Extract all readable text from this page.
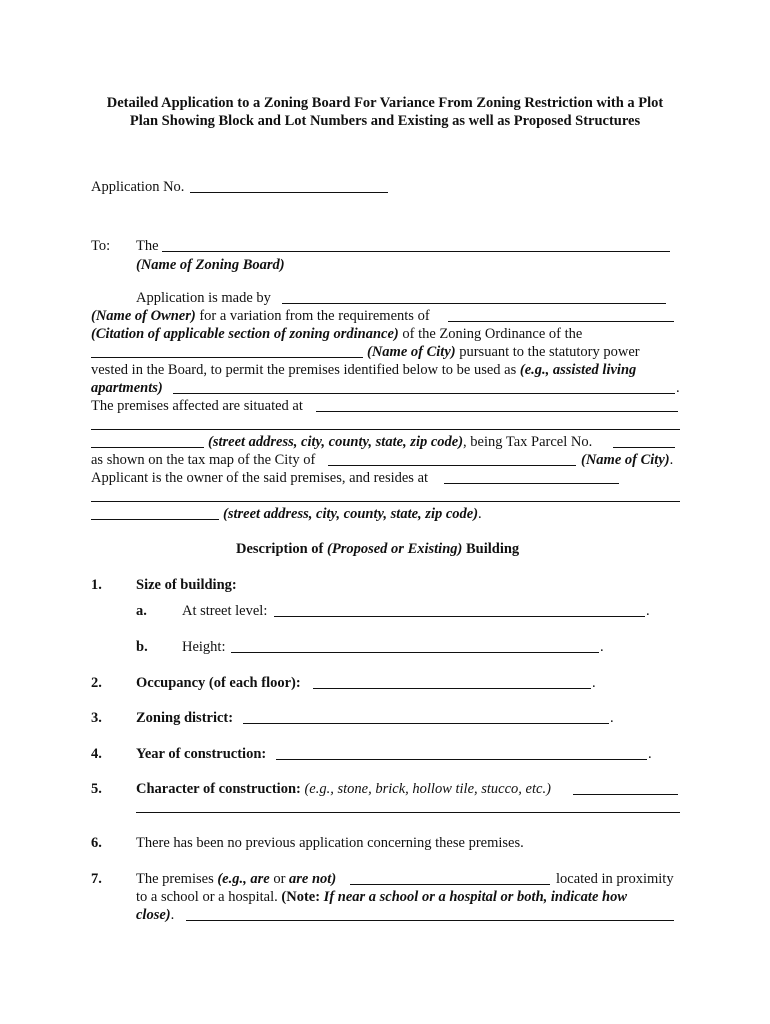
Detailed Application to a Zoning Board For Variance From Zoning Restriction with a Plot
Plan Showing Block and Lot Numbers and Existing as well as Proposed Structures
Application No.
To: The
(Name of Zoning Board)
Application is made by
(Name of Owner) for a variation from the requirements of
(Citation of applicable section of zoning ordinance) of the Zoning Ordinance of the
(Name of City) pursuant to the statutory power
vested in the Board, to permit the premises identified below to be used as (e.g., assisted living
apartments)	.
The premises affected are situated at
(street address, city, county, state, zip code), being Tax Parcel No.
as shown on the tax map of the City of	(Name of City).
Applicant is the owner of the said premises, and resides at
(street address, city, county, state, zip code).
Description of (Proposed or Existing) Building
1. Size of building:
a. At street level:	.
b. Height:	.
2. Occupancy (of each floor):	.
3. Zoning district:	.
4. Year of construction:	.
5. Character of construction: (e.g., stone, brick, hollow tile, stucco, etc.)
6. There has been no previous application concerning these premises.
7. The premises (e.g., are or are not)	located in proximity
to a school or a hospital. (Note: If near a school or a hospital or both, indicate how
close).
